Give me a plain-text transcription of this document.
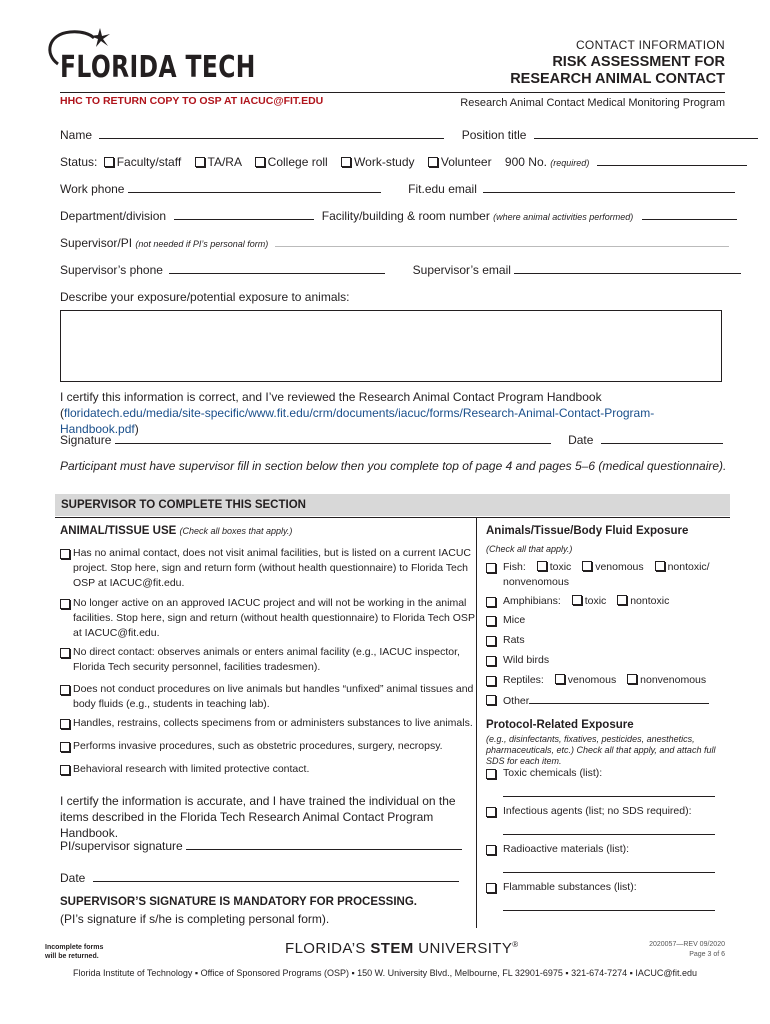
FLORIDA TECH
CONTACT INFORMATION
RISK ASSESSMENT FOR
RESEARCH ANIMAL CONTACT
HHC TO RETURN COPY TO OSP AT IACUC@FIT.EDU	Research Animal Contact Medical Monitoring Program
Name	Position title
Status: Faculty/staff TA/RA College roll Work-study Volunteer 900 No. (required)
Work phone	Fit.edu email
Department/division	Facility/building & room number (where animal activities performed)
Supervisor/PI (not needed if PI’s personal form)
Supervisor’s phone	Supervisor’s email
Describe your exposure/potential exposure to animals:
I certify this information is correct, and I’ve reviewed the Research Animal Contact Program Handbook (floridatech.edu/media/site-specific/www.fit.edu/crm/documents/iacuc/forms/Research-Animal-Contact-Program-Handbook.pdf)
Signature	Date
Participant must have supervisor fill in section below then you complete top of page 4 and pages 5–6 (medical questionnaire).
SUPERVISOR TO COMPLETE THIS SECTION
ANIMAL/TISSUE USE (Check all boxes that apply.)
Has no animal contact, does not visit animal facilities, but is listed on a current IACUC project. Stop here, sign and return form (without health questionnaire) to Florida Tech OSP at IACUC@fit.edu.
No longer active on an approved IACUC project and will not be working in the animal facilities. Stop here, sign and return (without health questionnaire) to Florida Tech OSP at IACUC@fit.edu.
No direct contact: observes animals or enters animal facility (e.g., IACUC inspector, Florida Tech security personnel, facilities tradesmen).
Does not conduct procedures on live animals but handles “unfixed” animal tissues and body fluids (e.g., students in teaching lab).
Handles, restrains, collects specimens from or administers substances to live animals.
Performs invasive procedures, such as obstetric procedures, surgery, necropsy.
Behavioral research with limited protective contact.
I certify the information is accurate, and I have trained the individual on the items described in the Florida Tech Research Animal Contact Program Handbook.
PI/supervisor signature
Date
SUPERVISOR’S SIGNATURE IS MANDATORY FOR PROCESSING.
(PI’s signature if s/he is completing personal form).
Animals/Tissue/Body Fluid Exposure
(Check all that apply.)
Fish: toxic venomous nontoxic/
nonvenomous
Amphibians: toxic nontoxic
Mice
Rats
Wild birds
Reptiles: venomous nonvenomous
Other
Protocol-Related Exposure
(e.g., disinfectants, fixatives, pesticides, anesthetics, pharmaceuticals, etc.) Check all that apply, and attach full SDS for each item.
Toxic chemicals (list):
Infectious agents (list; no SDS required):
Radioactive materials (list):
Flammable substances (list):
Incomplete forms will be returned.	FLORIDA’S STEM UNIVERSITY®	2020057—REV 09/2020
Page 3 of 6
Florida Institute of Technology ▪ Office of Sponsored Programs (OSP) ▪ 150 W. University Blvd., Melbourne, FL 32901-6975 ▪ 321-674-7274 ▪ IACUC@fit.edu
